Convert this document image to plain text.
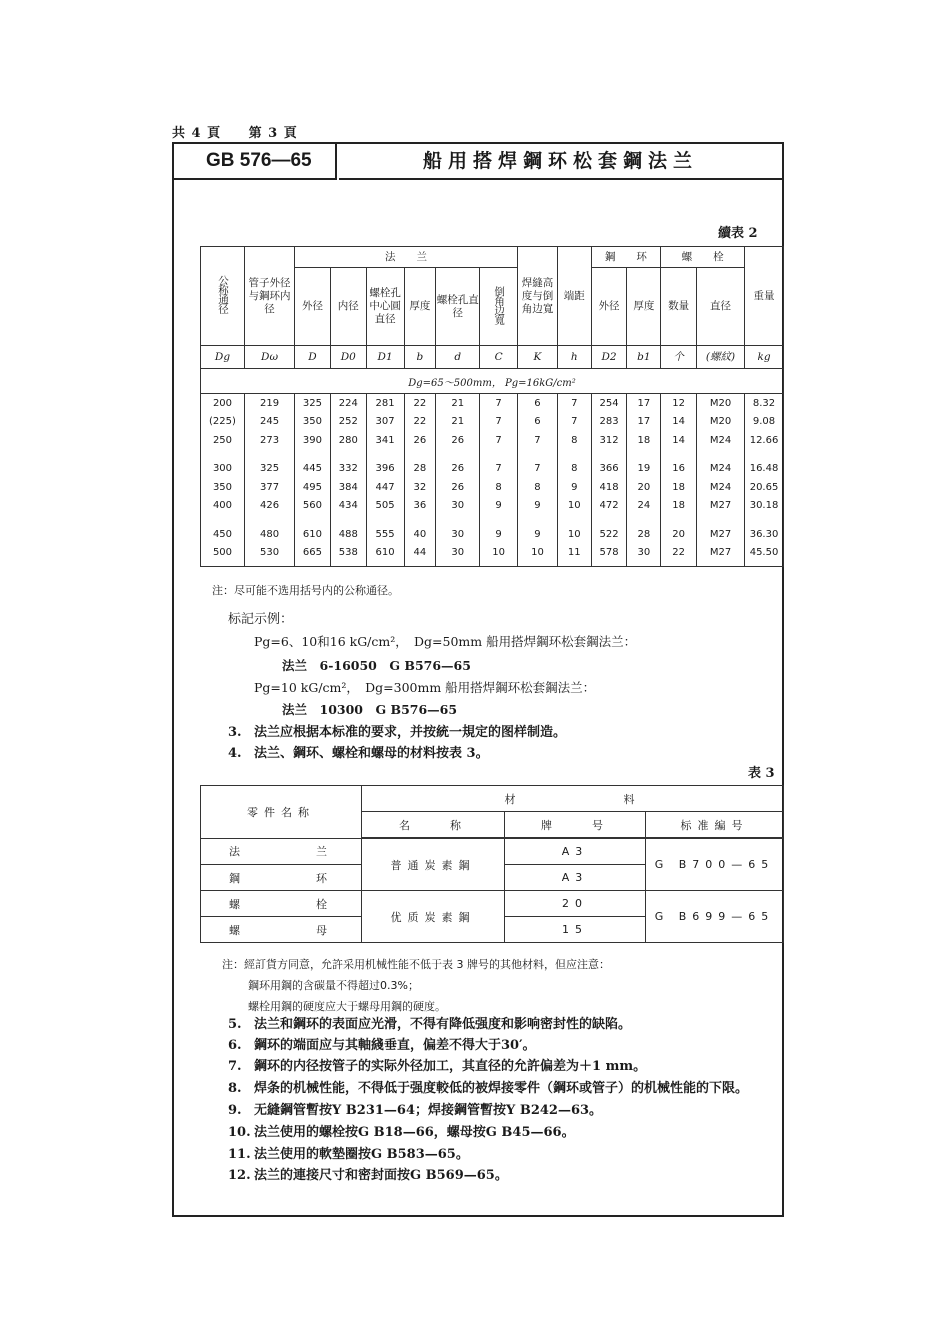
共 4 頁 第 3 頁
GB 576—65	船用搭焊鋼环松套鋼法兰
續表 2
公称通径	管子外径与鋼环内径	法　　兰						焊縫高度与倒角边寬	端距	鋼　　环		螺　　栓		重量
		外径	内径	螺栓孔中心圓直径	厚度	螺栓孔直径	倒角边寬			外径	厚度	数量	直径	
Dg	Dω	D	D0	D1	b	d	C	K	h	D2	b1	个	(螺紋)	kg
Dg=65～500mm， Pg=16kG/cm²														
200	219	325	224	281	22	21	7	6	7	254	17	12	M20	8.32
(225)	245	350	252	307	22	21	7	6	7	283	17	14	M20	9.08
250	273	390	280	341	26	26	7	7	8	312	18	14	M24	12.66
300	325	445	332	396	28	26	7	7	8	366	19	16	M24	16.48
350	377	495	384	447	32	26	8	8	9	418	20	18	M24	20.65
400	426	560	434	505	36	30	9	9	10	472	24	18	M27	30.18
450	480	610	488	555	40	30	9	9	10	522	28	20	M27	36.30
500	530	665	538	610	44	30	10	10	11	578	30	22	M27	45.50
注：尽可能不选用括号内的公称通径。
标記示例：
Pg=6、10和16 kG/cm²，　Dg=50mm 船用搭焊鋼环松套鋼法兰：
法兰　6-16050　G B576—65
Pg=10 kG/cm²，　Dg=300mm 船用搭焊鋼环松套鋼法兰：
法兰　10300　G B576—65
3. 法兰应根据本标准的要求，并按統一規定的图样制造。
4. 法兰、鋼环、螺栓和螺母的材料按表 3。
表 3
零件名称	材　　　　　　料		
	名　　称	牌　　号	标准編号
法 兰	普通炭素鋼	A3	G B700—65
鋼 环		A3	
螺 栓	优质炭素鋼	20	G B699—65
螺 母		15	
注：經訂貨方同意，允許采用机械性能不低于表 3 牌号的其他材料，但应注意：
鋼环用鋼的含碳量不得超过0.3%；
螺栓用鋼的硬度应大于螺母用鋼的硬度。
5. 法兰和鋼环的表面应光滑，不得有降低强度和影响密封性的缺陷。
6. 鋼环的端面应与其軸綫垂直，偏差不得大于30′。
7. 鋼环的内径按管子的实际外径加工，其直径的允許偏差为＋1 mm。
8. 焊条的机械性能，不得低于强度較低的被焊接零件（鋼环或管子）的机械性能的下限。
9. 无縫鋼管暫按Y B231—64；焊接鋼管暫按Y B242—63。
10. 法兰使用的螺栓按G B18—66，螺母按G B45—66。
11. 法兰使用的軟墊圈按G B583—65。
12. 法兰的連接尺寸和密封面按G B569—65。
